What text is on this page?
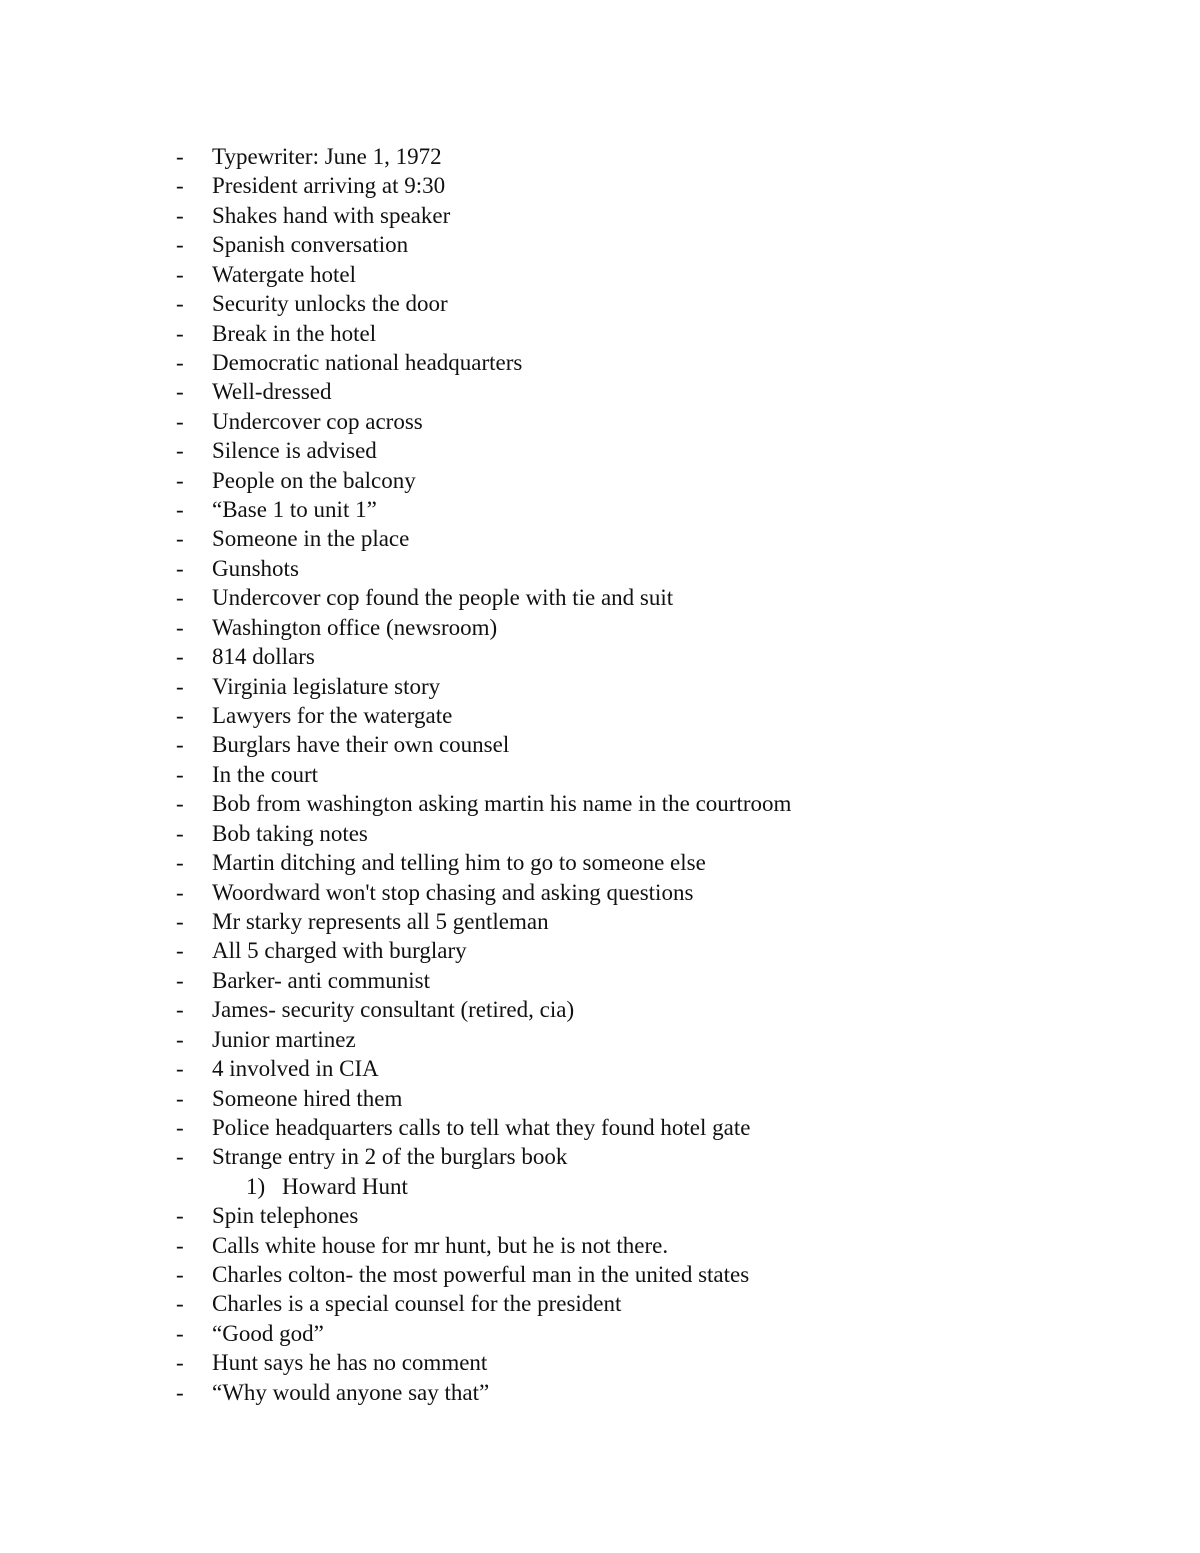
-	Typewriter: June 1, 1972
-	President arriving at 9:30
-	Shakes hand with speaker
-	Spanish conversation
-	Watergate hotel
-	Security unlocks the door
-	Break in the hotel
-	Democratic national headquarters
-	Well-dressed
-	Undercover cop across
-	Silence is advised
-	People on the balcony
-	“Base 1 to unit 1”
-	Someone in the place
-	Gunshots
-	Undercover cop found the people with tie and suit
-	Washington office (newsroom)
-	814 dollars
-	Virginia legislature story
-	Lawyers for the watergate
-	Burglars have their own counsel
-	In the court
-	Bob from washington asking martin his name in the courtroom
-	Bob taking notes
-	Martin ditching and telling him to go to someone else
-	Woordward won't stop chasing and asking questions
-	Mr starky represents all 5 gentleman
-	All 5 charged with burglary
-	Barker- anti communist
-	James- security consultant (retired, cia)
-	Junior martinez
-	4 involved in CIA
-	Someone hired them
-	Police headquarters calls to tell what they found hotel gate
-	Strange entry in 2 of the burglars book
1) Howard Hunt
-	Spin telephones
-	Calls white house for mr hunt, but he is not there.
-	Charles colton- the most powerful man in the united states
-	Charles is a special counsel for the president
-	“Good god”
-	Hunt says he has no comment
-	“Why would anyone say that”
